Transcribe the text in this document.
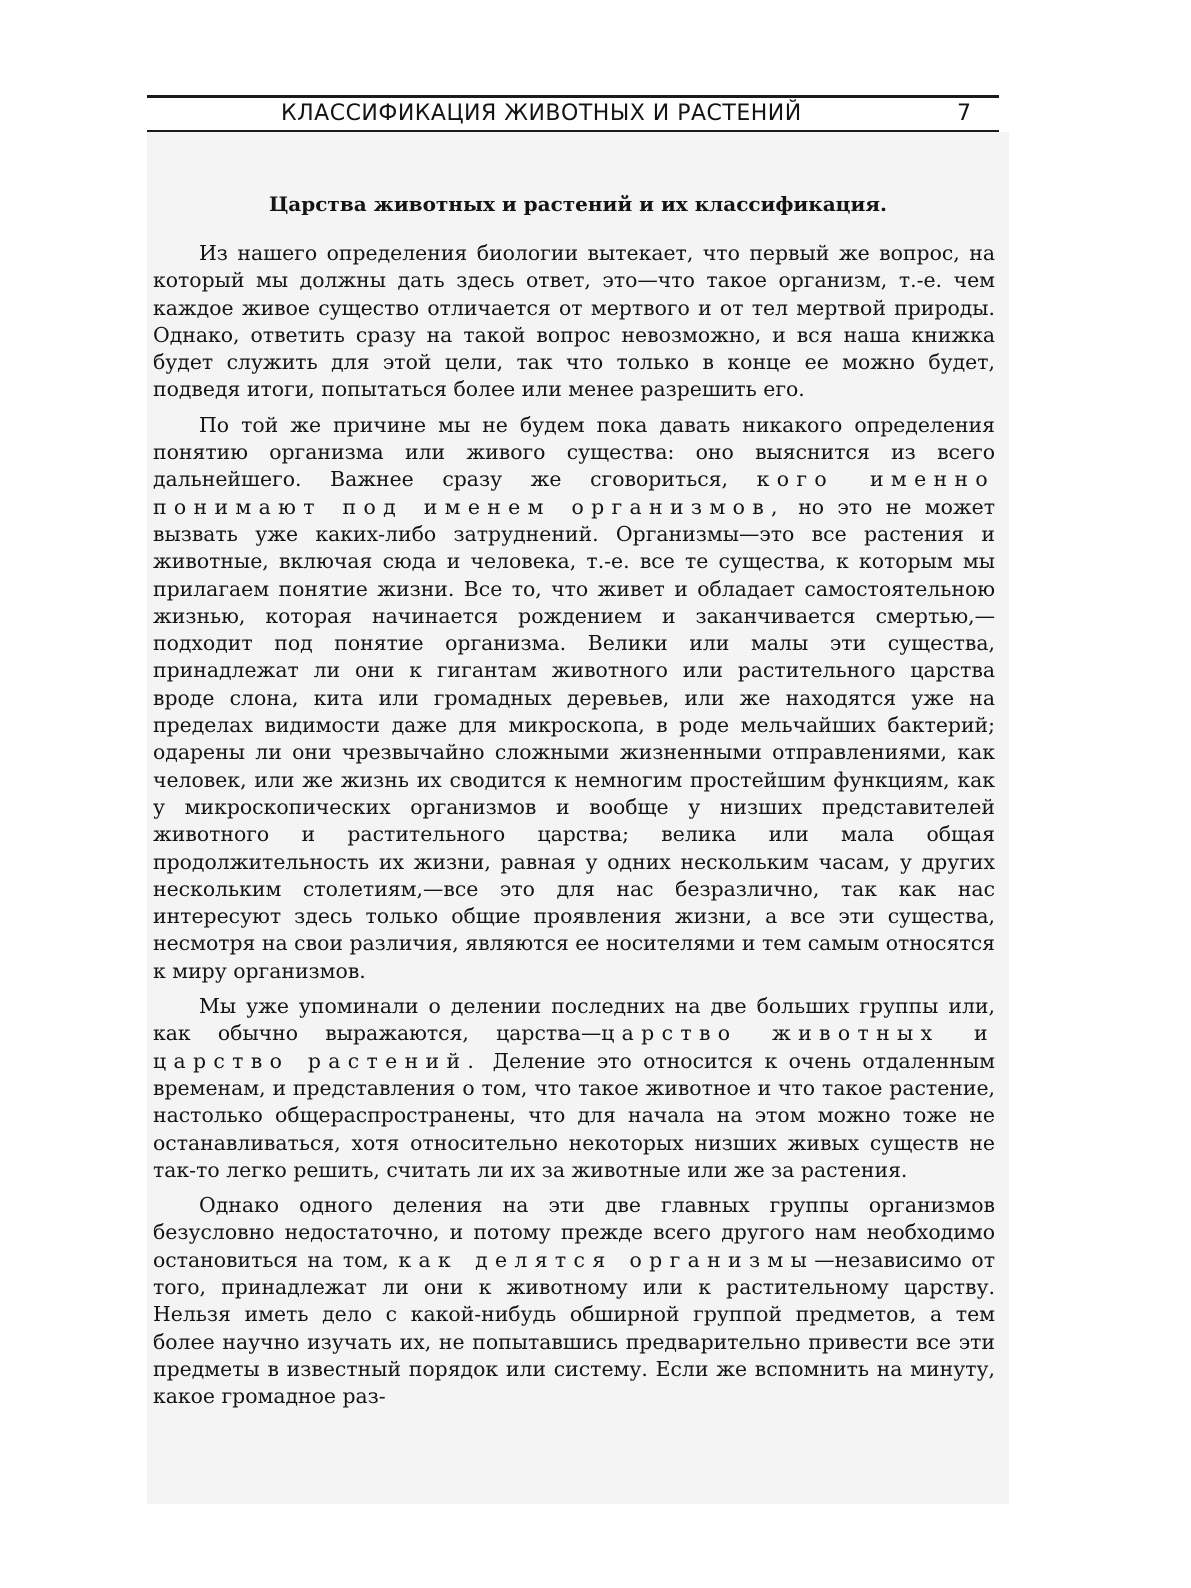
КЛАССИФИКАЦИЯ ЖИВОТНЫХ И РАСТЕНИЙ	7
Царства животных и растений и их классификация.

Из нашего определения биологии вытекает, что первый же вопрос, на который мы должны дать здесь ответ, это—что такое организм, т.-е. чем каждое живое существо отличается от мертвого и от тел мертвой природы. Однако, ответить сразу на такой вопрос невозможно, и вся наша книжка будет служить для этой цели, так что только в конце ее можно будет, подведя итоги, попытаться более или менее разрешить его.

По той же причине мы не будем пока давать никакого определения понятию организма или живого существа: оно выяснится из всего дальнейшего. Важнее сразу же сговориться, кого именно понимают под именем организмов, но это не может вызвать уже каких-либо затруднений. Организмы—это все растения и животные, включая сюда и человека, т.-е. все те существа, к которым мы прилагаем понятие жизни. Все то, что живет и обладает самостоятельною жизнью, которая начинается рождением и заканчивается смертью,—подходит под понятие организма. Велики или малы эти существа, принадлежат ли они к гигантам животного или растительного царства вроде слона, кита или громадных деревьев, или же находятся уже на пределах видимости даже для микроскопа, в роде мельчайших бактерий; одарены ли они чрезвычайно сложными жизненными отправлениями, как человек, или же жизнь их сводится к немногим простейшим функциям, как у микроскопических организмов и вообще у низших представителей животного и растительного царства; велика или мала общая продолжительность их жизни, равная у одних нескольким часам, у других нескольким столетиям,—все это для нас безразлично, так как нас интересуют здесь только общие проявления жизни, а все эти существа, несмотря на свои различия, являются ее носителями и тем самым относятся к миру организмов.

Мы уже упоминали о делении последних на две больших группы или, как обычно выражаются, царства—царство животных и царство растений. Деление это относится к очень отдаленным временам, и представления о том, что такое животное и что такое растение, настолько общераспространены, что для начала на этом можно тоже не останавливаться, хотя относительно некоторых низших живых существ не так-то легко решить, считать ли их за животные или же за растения.

Однако одного деления на эти две главных группы организмов безусловно недостаточно, и потому прежде всего другого нам необходимо остановиться на том, как делятся организмы—независимо от того, принадлежат ли они к животному или к растительному царству. Нельзя иметь дело с какой-нибудь обширной группой предметов, а тем более научно изучать их, не попытавшись предварительно привести все эти предметы в известный порядок или систему. Если же вспомнить на минуту, какое громадное раз-
